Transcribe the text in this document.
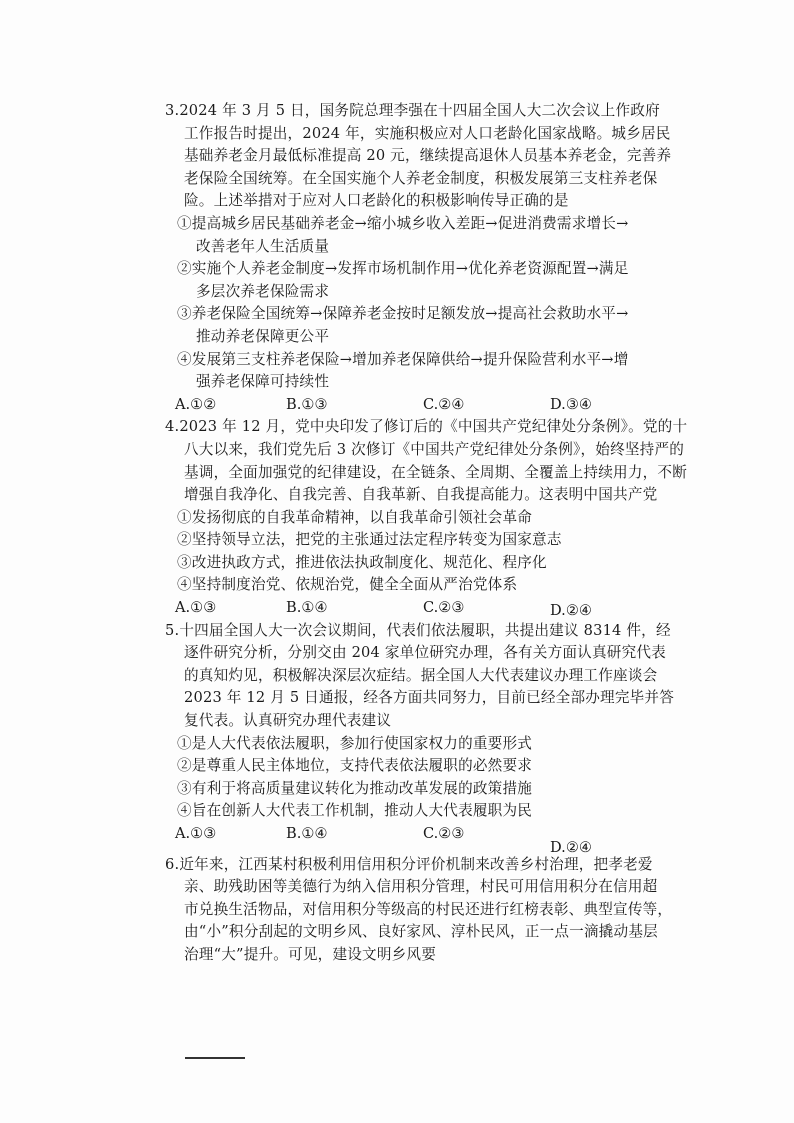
3.2024 年 3 月 5 日，国务院总理李强在十四届全国人大二次会议上作政府
工作报告时提出，2024 年，实施积极应对人口老龄化国家战略。城乡居民
基础养老金月最低标准提高 20 元，继续提高退休人员基本养老金，完善养
老保险全国统筹。在全国实施个人养老金制度，积极发展第三支柱养老保
险。上述举措对于应对人口老龄化的积极影响传导正确的是
①提高城乡居民基础养老金→缩小城乡收入差距→促进消费需求增长→
改善老年人生活质量
②实施个人养老金制度→发挥市场机制作用→优化养老资源配置→满足
多层次养老保险需求
③养老保险全国统筹→保障养老金按时足额发放→提高社会救助水平→
推动养老保障更公平
④发展第三支柱养老保险→增加养老保障供给→提升保险营利水平→增
强养老保障可持续性
A.①②	B.①③	C.②④	D.③④
4.2023 年 12 月，党中央印发了修订后的《中国共产党纪律处分条例》。党的十
八大以来，我们党先后 3 次修订《中国共产党纪律处分条例》，始终坚持严的
基调，全面加强党的纪律建设，在全链条、全周期、全覆盖上持续用力，不断
增强自我净化、自我完善、自我革新、自我提高能力。这表明中国共产党
①发扬彻底的自我革命精神，以自我革命引领社会革命
②坚持领导立法，把党的主张通过法定程序转变为国家意志
③改进执政方式，推进依法执政制度化、规范化、程序化
④坚持制度治党、依规治党，健全全面从严治党体系
A.①③	B.①④	C.②③	D.②④
5.十四届全国人大一次会议期间，代表们依法履职，共提出建议 8314 件，经
逐件研究分析，分别交由 204 家单位研究办理，各有关方面认真研究代表
的真知灼见，积极解决深层次症结。据全国人大代表建议办理工作座谈会
2023 年 12 月 5 日通报，经各方面共同努力，目前已经全部办理完毕并答
复代表。认真研究办理代表建议
①是人大代表依法履职，参加行使国家权力的重要形式
②是尊重人民主体地位，支持代表依法履职的必然要求
③有利于将高质量建议转化为推动改革发展的政策措施
④旨在创新人大代表工作机制，推动人大代表履职为民
A.①③	B.①④	C.②③
D.②④
6.近年来，江西某村积极利用信用积分评价机制来改善乡村治理，把孝老爱
亲、助残助困等美德行为纳入信用积分管理，村民可用信用积分在信用超
市兑换生活物品，对信用积分等级高的村民还进行红榜表彰、典型宣传等，
由“小”积分刮起的文明乡风、良好家风、淳朴民风，正一点一滴撬动基层
治理“大”提升。可见，建设文明乡风要
